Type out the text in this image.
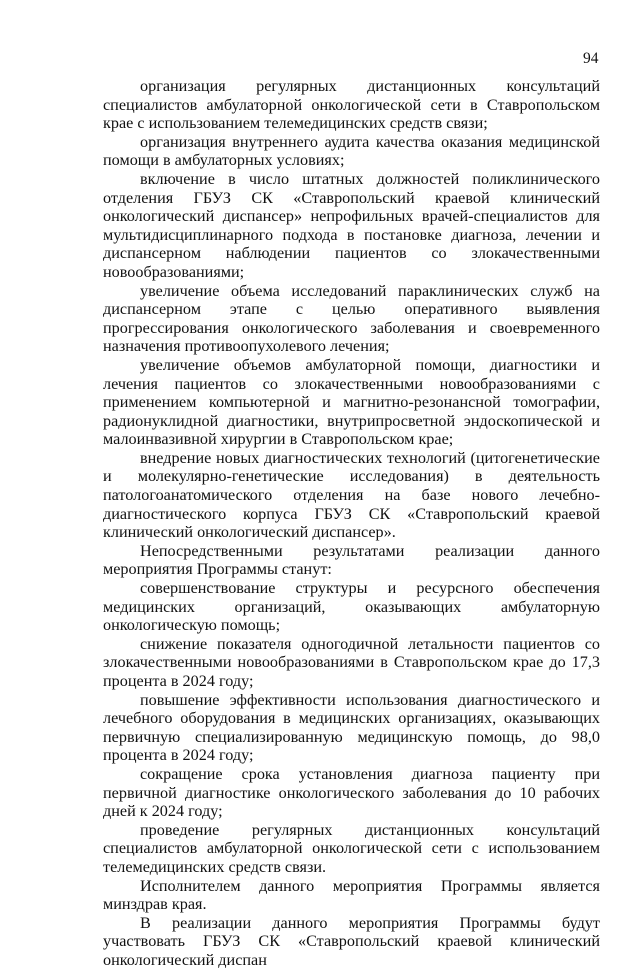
94

организация регулярных дистанционных консультаций специалистов амбулаторной онкологической сети в Ставропольском крае с использованием телемедицинских средств связи;

организация внутреннего аудита качества оказания медицинской помощи в амбулаторных условиях;

включение в число штатных должностей поликлинического отделения ГБУЗ СК «Ставропольский краевой клинический онкологический диспансер» непрофильных врачей-специалистов для мультидисциплинарного подхода в постановке диагноза, лечении и диспансерном наблюдении пациентов со злокачественными новообразованиями;

увеличение объема исследований параклинических служб на диспансерном этапе с целью оперативного выявления прогрессирования онкологического заболевания и своевременного назначения противоопухолевого лечения;

увеличение объемов амбулаторной помощи, диагностики и лечения пациентов со злокачественными новообразованиями с применением компьютерной и магнитно-резонансной томографии, радионуклидной диагностики, внутрипросветной эндоскопической и малоинвазивной хирургии в Ставропольском крае;

внедрение новых диагностических технологий (цитогенетические и молекулярно-генетические исследования) в деятельность патологоанатомического отделения на базе нового лечебно-диагностического корпуса ГБУЗ СК «Ставропольский краевой клинический онкологический диспансер».

Непосредственными результатами реализации данного мероприятия Программы станут:

совершенствование структуры и ресурсного обеспечения медицинских организаций, оказывающих амбулаторную онкологическую помощь;

снижение показателя одногодичной летальности пациентов со злокачественными новообразованиями в Ставропольском крае до 17,3 процента в 2024 году;

повышение эффективности использования диагностического и лечебного оборудования в медицинских организациях, оказывающих первичную специализированную медицинскую помощь, до 98,0 процента в 2024 году;

сокращение срока установления диагноза пациенту при первичной диагностике онкологического заболевания до 10 рабочих дней к 2024 году;

проведение регулярных дистанционных консультаций специалистов амбулаторной онкологической сети с использованием телемедицинских средств связи.

Исполнителем данного мероприятия Программы является минздрав края.

В реализации данного мероприятия Программы будут участвовать ГБУЗ СК «Ставропольский краевой клинический онкологический диспан
